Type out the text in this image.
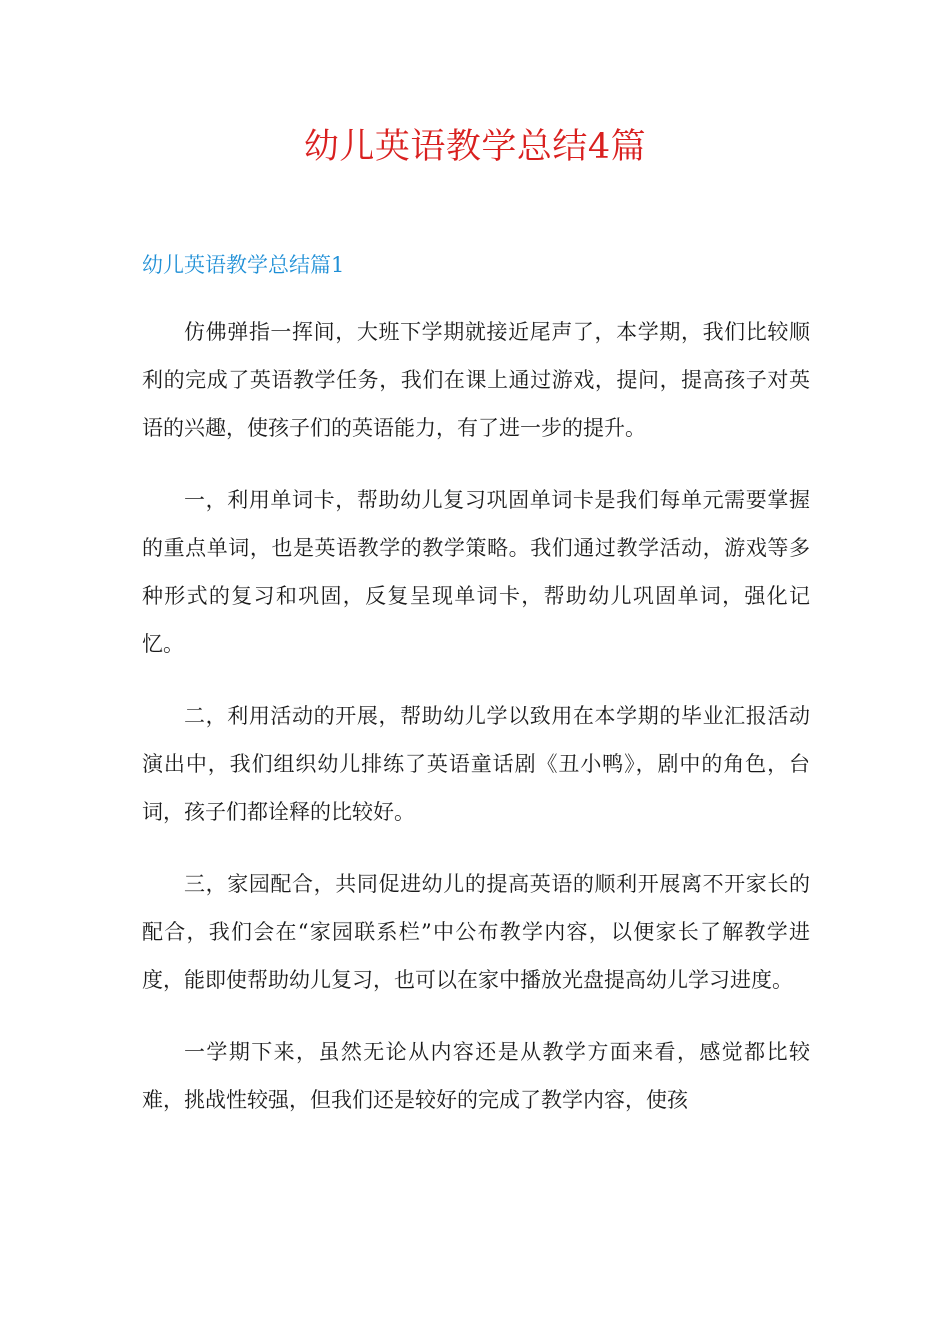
幼儿英语教学总结4篇
幼儿英语教学总结篇1

仿佛弹指一挥间，大班下学期就接近尾声了，本学期，我们比较顺利的完成了英语教学任务，我们在课上通过游戏，提问，提高孩子对英语的兴趣，使孩子们的英语能力，有了进一步的提升。

一，利用单词卡，帮助幼儿复习巩固单词卡是我们每单元需要掌握的重点单词，也是英语教学的教学策略。我们通过教学活动，游戏等多种形式的复习和巩固，反复呈现单词卡，帮助幼儿巩固单词，强化记忆。

二，利用活动的开展，帮助幼儿学以致用在本学期的毕业汇报活动演出中，我们组织幼儿排练了英语童话剧《丑小鸭》，剧中的角色，台词，孩子们都诠释的比较好。

三，家园配合，共同促进幼儿的提高英语的顺利开展离不开家长的配合，我们会在“家园联系栏”中公布教学内容，以便家长了解教学进度，能即使帮助幼儿复习，也可以在家中播放光盘提高幼儿学习进度。

一学期下来，虽然无论从内容还是从教学方面来看，感觉都比较难，挑战性较强，但我们还是较好的完成了教学内容，使孩
